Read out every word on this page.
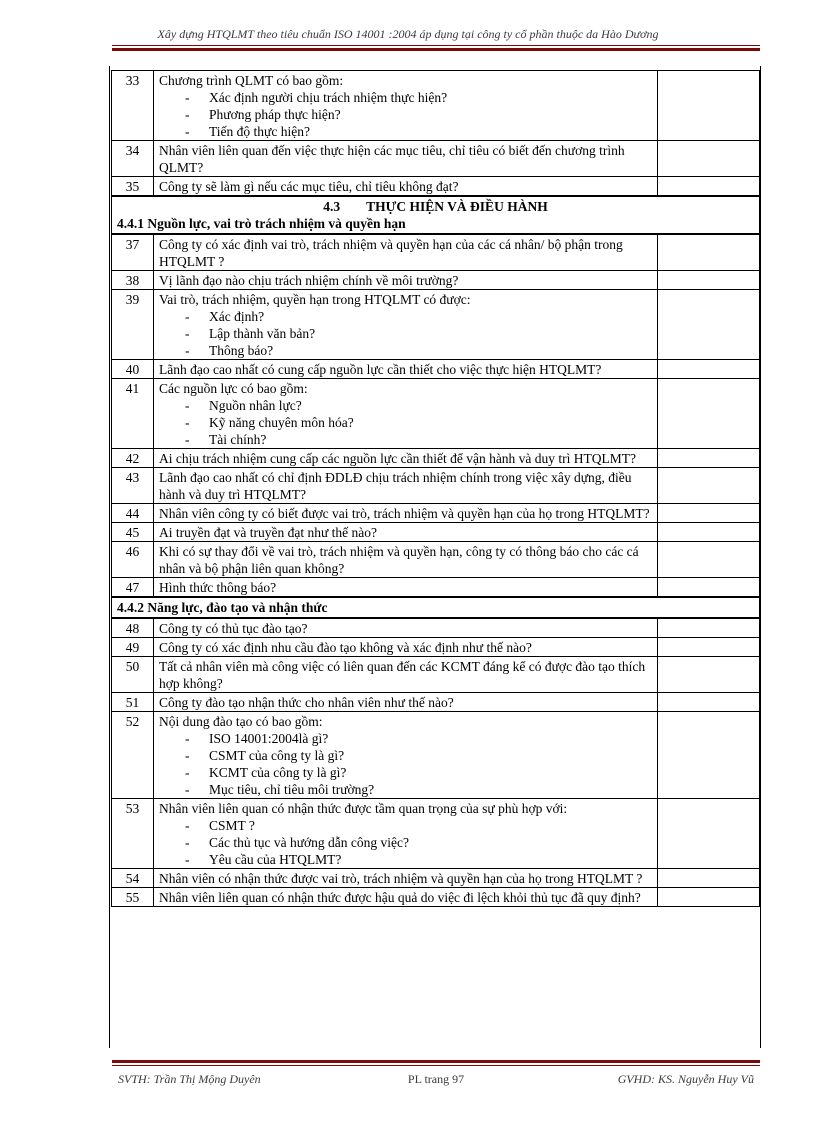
Xây dựng HTQLMT theo tiêu chuẩn ISO 14001 :2004 áp dụng tại công ty cổ phần thuộc da Hào Dương
33	Chương trình QLMT có bao gồm:
- Xác định người chịu trách nhiệm thực hiện?
- Phương pháp thực hiện?
- Tiến độ thực hiện?	

34	Nhân viên liên quan đến việc thực hiện các mục tiêu, chỉ tiêu có biết đến chương trình QLMT?	

35	Công ty sẽ làm gì nếu các mục tiêu, chỉ tiêu không đạt?	

4.3 THỰC HIỆN VÀ ĐIỀU HÀNH
4.4.1 Nguồn lực, vai trò trách nhiệm và quyền hạn		

37	Công ty có xác định vai trò, trách nhiệm và quyền hạn của các cá nhân/ bộ phận trong HTQLMT ?	

38	Vị lãnh đạo nào chịu trách nhiệm chính về môi trường?	

39	Vai trò, trách nhiệm, quyền hạn trong HTQLMT có được:
- Xác định?
- Lập thành văn bản?
- Thông báo?	

40	Lãnh đạo cao nhất có cung cấp nguồn lực cần thiết cho việc thực hiện HTQLMT?	

41	Các nguồn lực có bao gồm:
- Nguồn nhân lực?
- Kỹ năng chuyên môn hóa?
- Tài chính?	

42	Ai chịu trách nhiệm cung cấp các nguồn lực cần thiết để vận hành và duy trì HTQLMT?	

43	Lãnh đạo cao nhất có chỉ định ĐDLĐ chịu trách nhiệm chính trong việc xây dựng, điều hành và duy trì HTQLMT?	

44	Nhân viên công ty có biết được vai trò, trách nhiệm và quyền hạn của họ trong HTQLMT?	

45	Ai truyền đạt và truyền đạt như thế nào?	

46	Khi có sự thay đổi về vai trò, trách nhiệm và quyền hạn, công ty có thông báo cho các cá nhân và bộ phận liên quan không?	

47	Hình thức thông báo?	

4.4.2 Năng lực, đào tạo và nhận thức		
48	Công ty có thủ tục đào tạo?	

49	Công ty có xác định nhu cầu đào tạo không và xác định như thế nào?	

50	Tất cả nhân viên mà công việc có liên quan đến các KCMT đáng kể có được đào tạo thích hợp không?	

51	Công ty đào tạo nhận thức cho nhân viên như thế nào?	

52	Nội dung đào tạo có bao gồm:
- ISO 14001:2004là gì?
- CSMT của công ty là gì?
- KCMT của công ty là gì?
- Mục tiêu, chỉ tiêu môi trường?	

53	Nhân viên liên quan có nhận thức được tầm quan trọng của sự phù hợp với:
- CSMT ?
- Các thủ tục và hướng dẫn công việc?
- Yêu cầu của HTQLMT?	

54	Nhân viên có nhận thức được vai trò, trách nhiệm và quyền hạn của họ trong HTQLMT ?	

55	Nhân viên liên quan có nhận thức được hậu quả do việc đi lệch khỏi thủ tục đã quy định?	

SVTH: Trần Thị Mộng Duyên	PL trang 97	GVHD: KS. Nguyễn Huy Vũ
